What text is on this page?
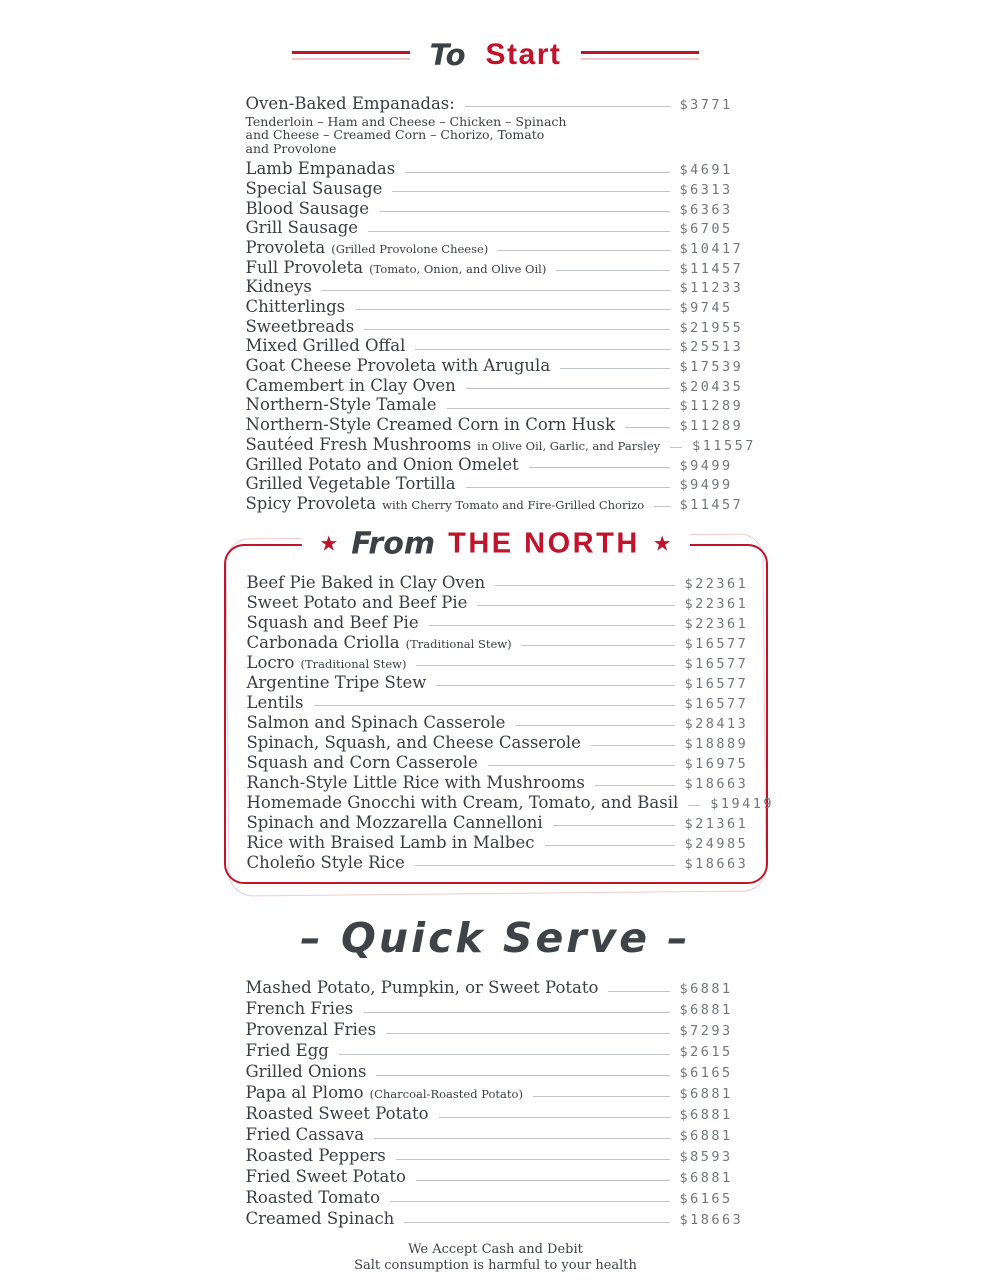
To Start
Oven-Baked Empanadas:	$3771
Tenderloin – Ham and Cheese – Chicken – Spinach and Cheese – Creamed Corn – Chorizo, Tomato and Provolone
Lamb Empanadas	$4691
Special Sausage	$6313
Blood Sausage	$6363
Grill Sausage	$6705
Provoleta (Grilled Provolone Cheese)	$10417
Full Provoleta (Tomato, Onion, and Olive Oil)	$11457
Kidneys	$11233
Chitterlings	$9745
Sweetbreads	$21955
Mixed Grilled Offal	$25513
Goat Cheese Provoleta with Arugula	$17539
Camembert in Clay Oven	$20435
Northern-Style Tamale	$11289
Northern-Style Creamed Corn in Corn Husk	$11289
Sautéed Fresh Mushrooms in Olive Oil, Garlic, and Parsley $11557
Grilled Potato and Onion Omelet	$9499
Grilled Vegetable Tortilla	$9499
Spicy Provoleta with Cherry Tomato and Fire-Grilled Chorizo	$11457
★ From THE NORTH ★
Beef Pie Baked in Clay Oven	$22361
Sweet Potato and Beef Pie	$22361
Squash and Beef Pie	$22361
Carbonada Criolla (Traditional Stew)	$16577
Locro (Traditional Stew)	$16577
Argentine Tripe Stew	$16577
Lentils	$16577
Salmon and Spinach Casserole	$28413
Spinach, Squash, and Cheese Casserole	$18889
Squash and Corn Casserole	$16975
Ranch-Style Little Rice with Mushrooms	$18663
Homemade Gnocchi with Cream, Tomato, and Basil $19419
Spinach and Mozzarella Cannelloni	$21361
Rice with Braised Lamb in Malbec	$24985
Choleño Style Rice	$18663
– Quick Serve –
Mashed Potato, Pumpkin, or Sweet Potato	$6881
French Fries	$6881
Provenzal Fries	$7293
Fried Egg	$2615
Grilled Onions	$6165
Papa al Plomo (Charcoal-Roasted Potato)	$6881
Roasted Sweet Potato	$6881
Fried Cassava	$6881
Roasted Peppers	$8593
Fried Sweet Potato	$6881
Roasted Tomato	$6165
Creamed Spinach	$18663
We Accept Cash and Debit
Salt consumption is harmful to your health
